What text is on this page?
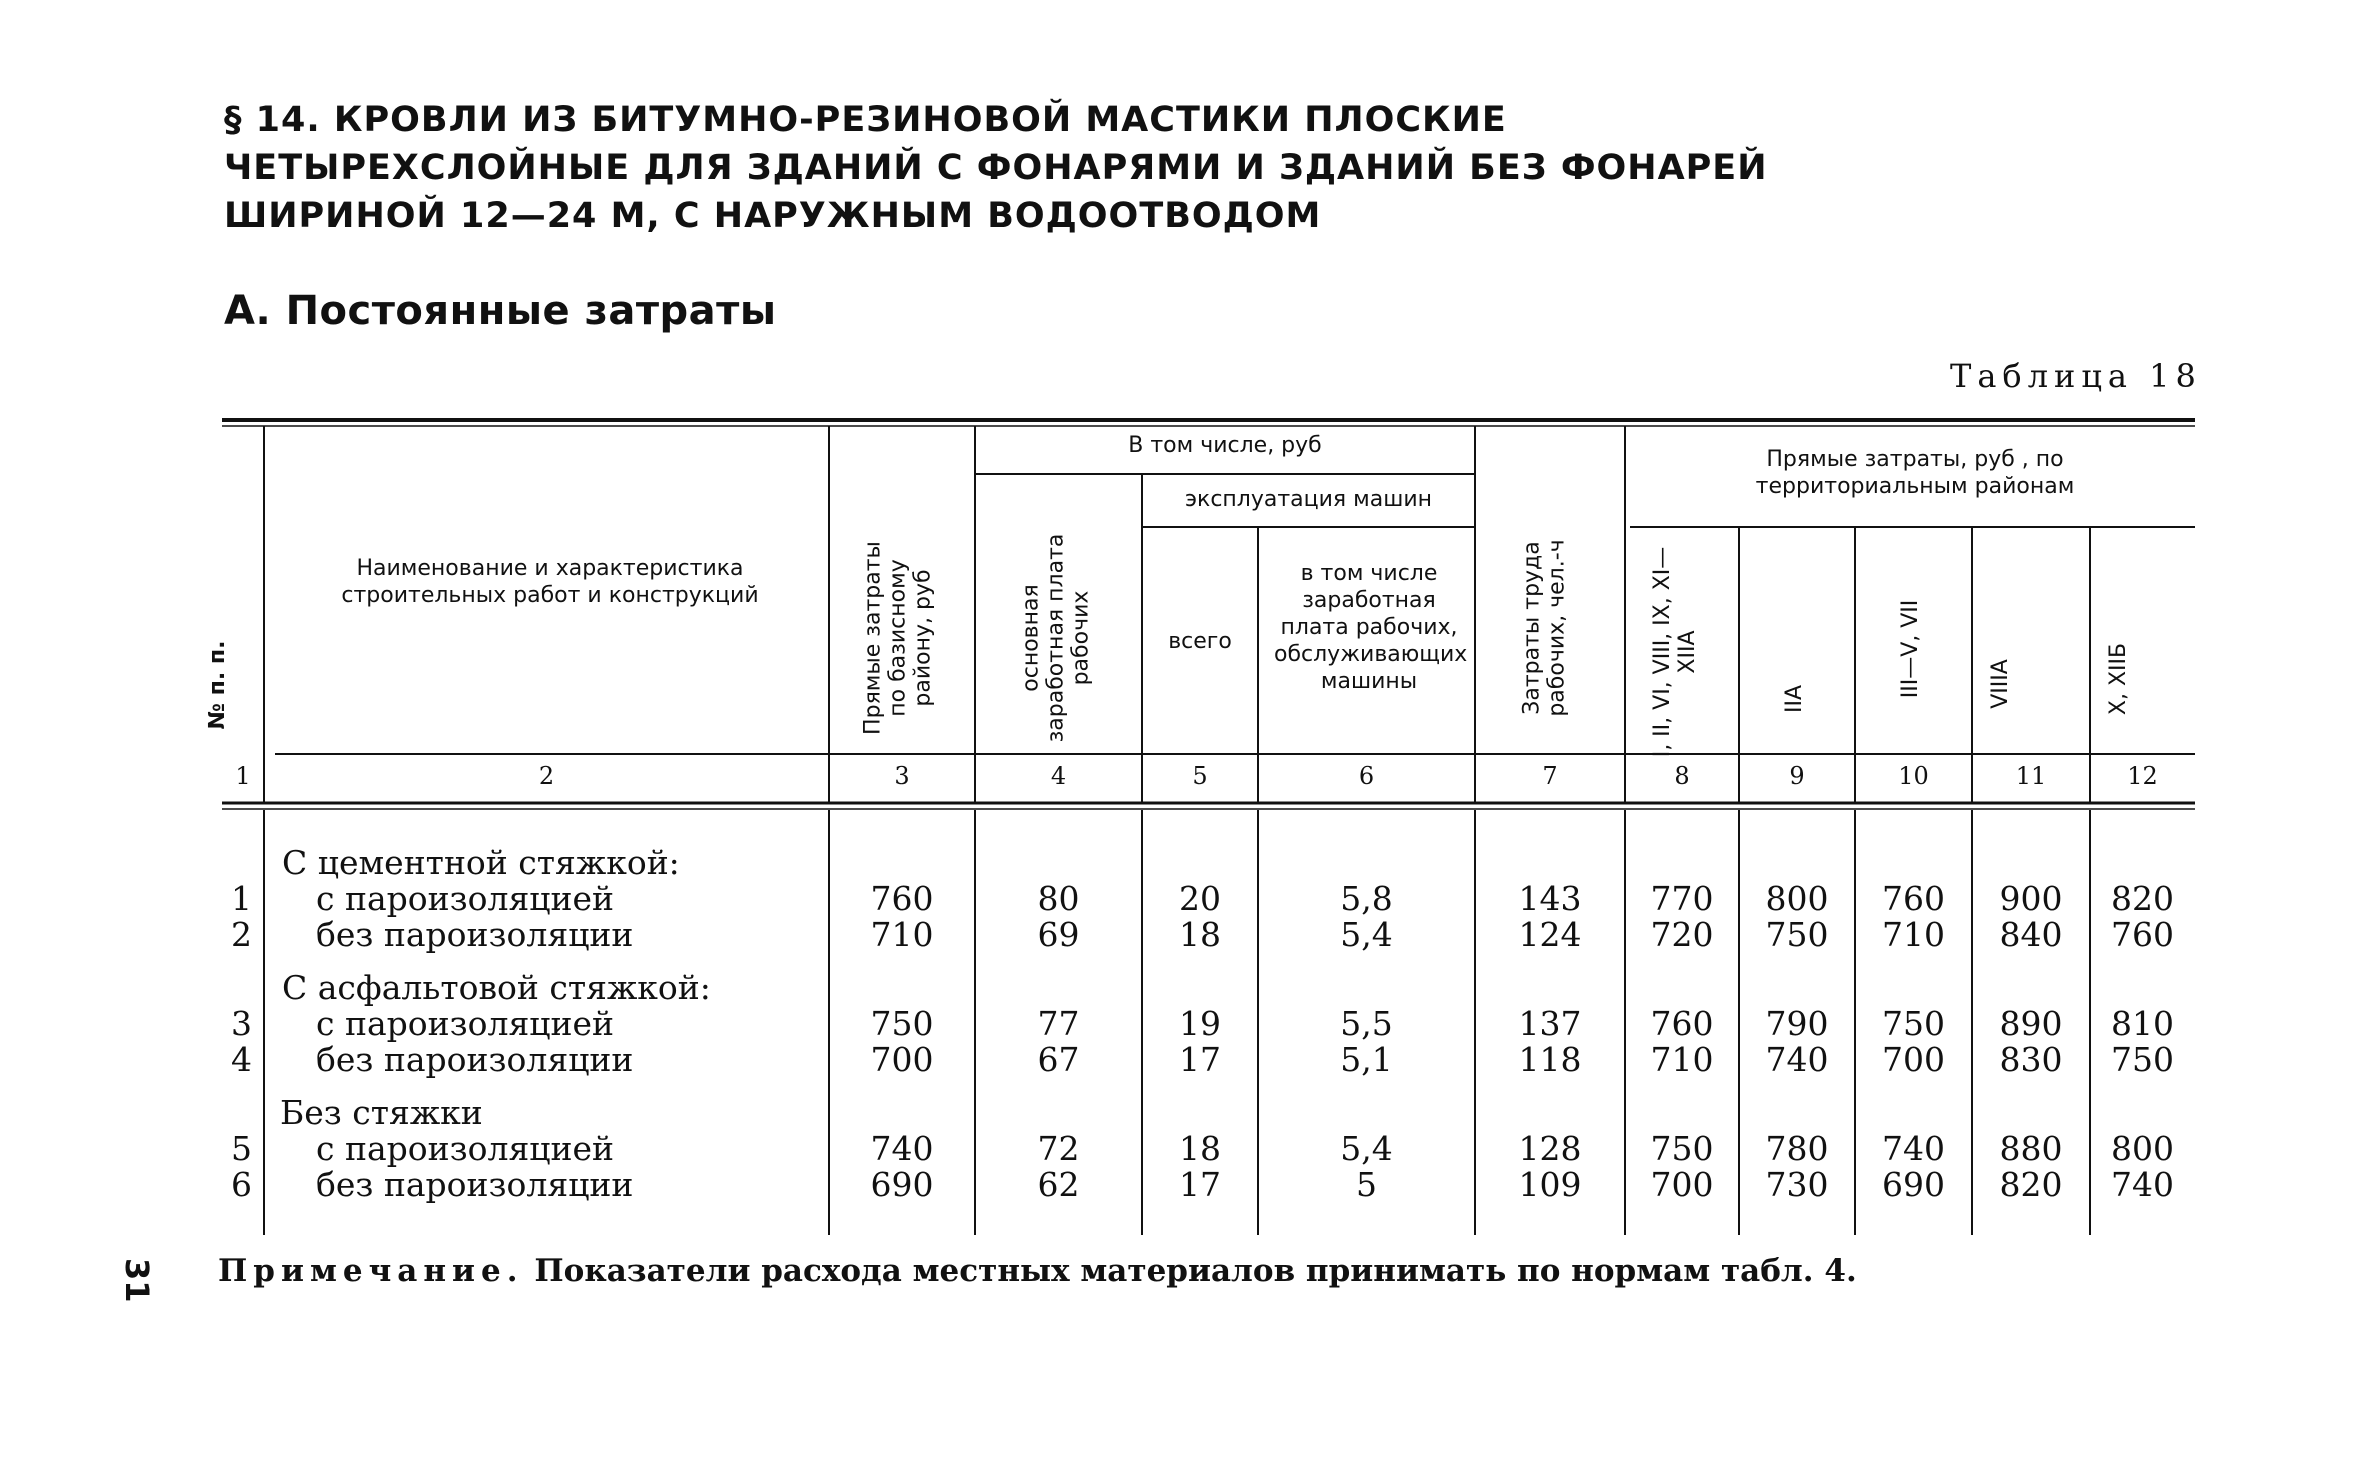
§ 14. КРОВЛИ ИЗ БИТУМНО-РЕЗИНОВОЙ МАСТИКИ ПЛОСКИЕ
ЧЕТЫРЕХСЛОЙНЫЕ ДЛЯ ЗДАНИЙ С ФОНАРЯМИ И ЗДАНИЙ БЕЗ ФОНАРЕЙ
ШИРИНОЙ 12—24 М, С НАРУЖНЫМ ВОДООТВОДОМ
А. Постоянные затраты
Таблица 18
№ п. п.
Наименование и характеристика строительных работ и конструкций	Прямые затраты по базисному району, руб
В том числе, руб
основная заработная плата рабочих
эксплуатация машин
всего
в том числе заработная плата рабочих, обслуживающих машины	Затраты труда рабочих, чел.-ч
Прямые затраты, руб , по территориальным районам
I, II, VI, VIII, IX, XI—XIIА
IIА
III—V, VII	VIIIА	X, XIIБ
1	2	3	4	5	6	7	8	9	10	11	12
С цементной стяжкой:
С асфальтовой стяжкой:
Без стяжки
1 с пароизоляцией	760	80	20	5,8	143	770	800	760	900	820
2 без пароизоляции	710	69	18	5,4	124	720	750	710	840	760
3 с пароизоляцией	750	77	19	5,5	137	760	790	750	890	810
4 без пароизоляции	700	67	17	5,1	118	710	740	700	830	750
5 с пароизоляцией	740	72	18	5,4	128	750	780	740	880	800
6 без пароизоляции	690	62	17	5	109	700	730	690	820	740
31 Примечание. Показатели расхода местных материалов принимать по нормам табл. 4.
